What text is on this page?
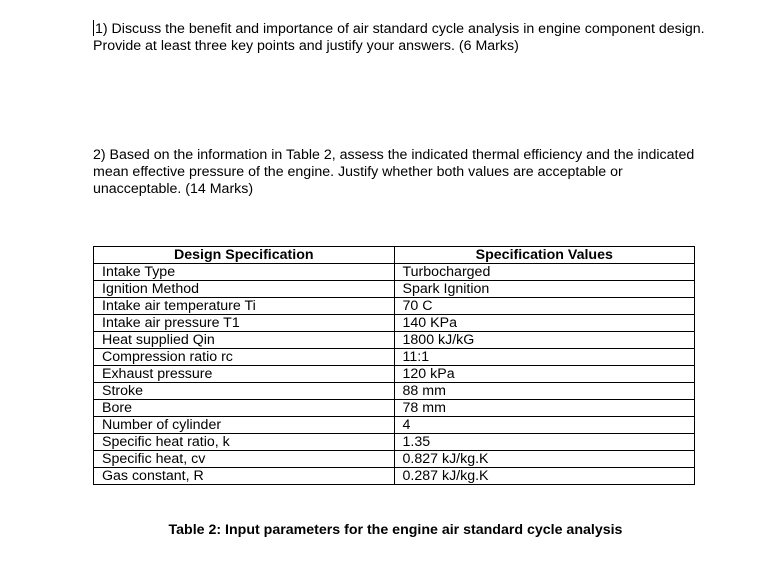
1) Discuss the benefit and importance of air standard cycle analysis in engine component design. Provide at least three key points and justify your answers. (6 Marks)

2) Based on the information in Table 2, assess the indicated thermal efficiency and the indicated mean effective pressure of the engine. Justify whether both values are acceptable or unacceptable. (14 Marks)

Design Specification	Specification Values
Intake Type	Turbocharged
Ignition Method	Spark Ignition
Intake air temperature Ti	70 C
Intake air pressure T1	140 KPa
Heat supplied Qin	1800 kJ/kG
Compression ratio rc	11:1
Exhaust pressure	120 kPa
Stroke	88 mm
Bore	78 mm
Number of cylinder	4
Specific heat ratio, k	1.35
Specific heat, cv	0.827 kJ/kg.K
Gas constant, R	0.287 kJ/kg.K
Table 2: Input parameters for the engine air standard cycle analysis
